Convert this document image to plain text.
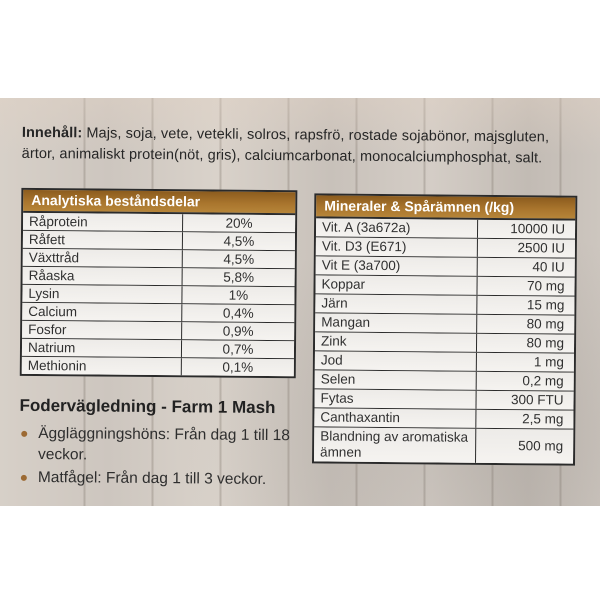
Innehåll: Majs, soja, vete, vetekli, solros, rapsfrö, rostade sojabönor, majsgluten, ärtor, animaliskt protein(nöt, gris), calciumcarbonat, monocalciumphosphat, salt.

Analytiska beståndsdelar
Råprotein	20%
Råfett	4,5%
Växttråd	4,5%
Råaska	5,8%
Lysin	1%
Calcium	0,4%
Fosfor	0,9%
Natrium	0,7%
Methionin	0,1%
Mineraler & Spårämnen (/kg)
Vit. A (3a672a)	10000 IU
Vit. D3 (E671)	2500 IU
Vit E (3a700)	40 IU
Koppar	70 mg
Järn	15 mg
Mangan	80 mg
Zink	80 mg
Jod	1 mg
Selen	0,2 mg
Fytas	300 FTU
Canthaxantin	2,5 mg
Blandning av aromatiska ämnen	500 mg
Fodervägledning - Farm 1 Mash
Äggläggningshöns: Från dag 1 till 18 veckor.
Matfågel: Från dag 1 till 3 veckor.
